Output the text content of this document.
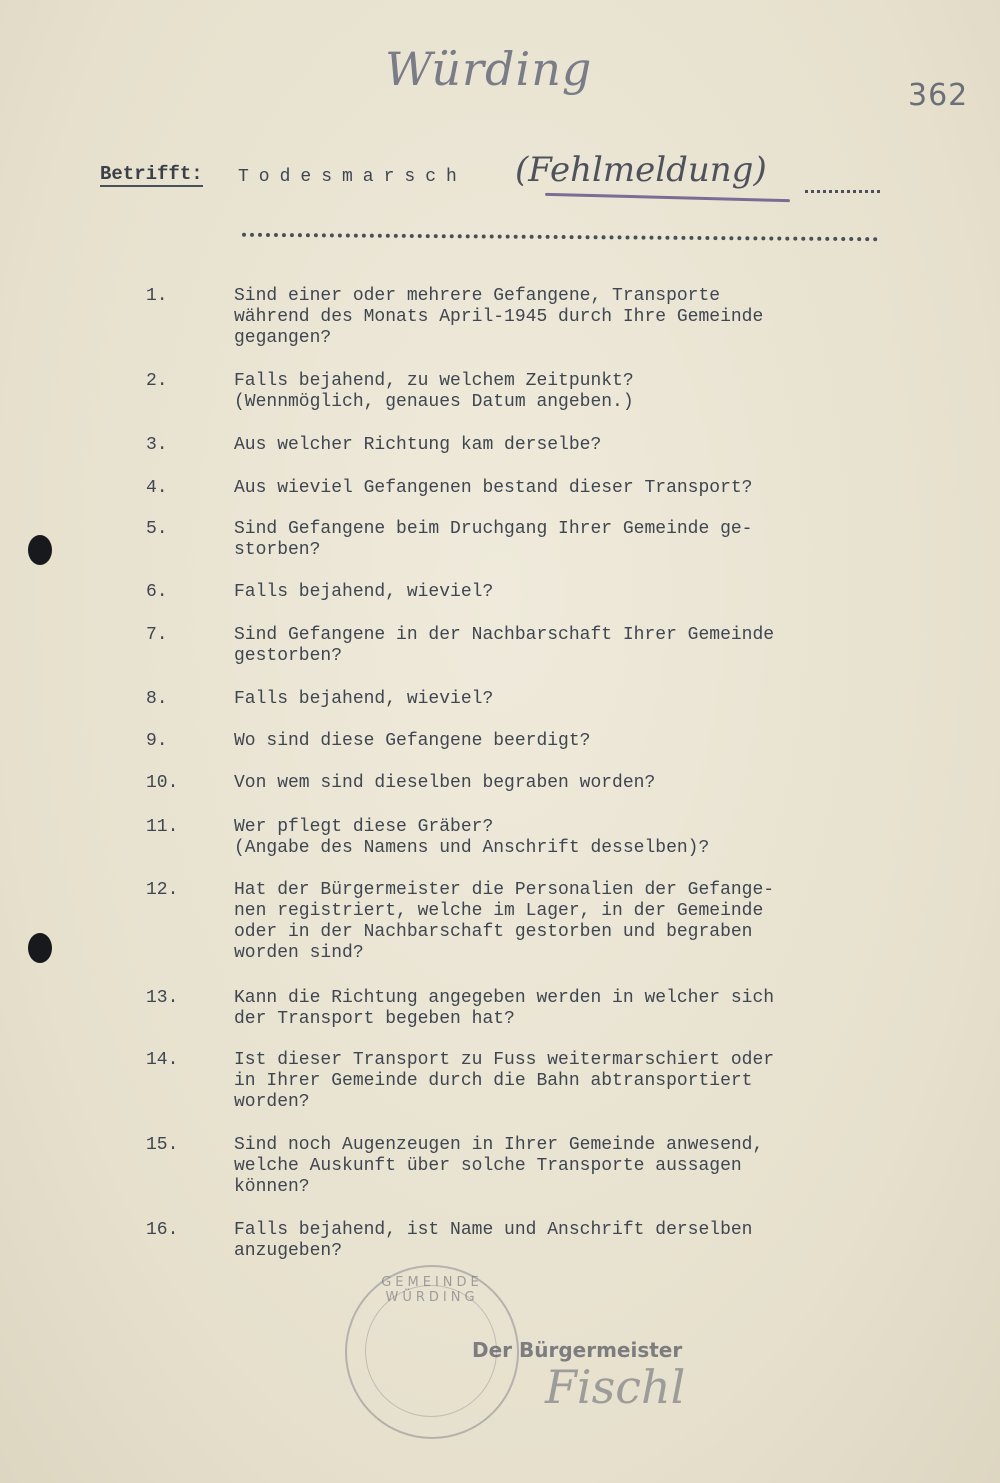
Würding	362
Betrifft: Todesmarsch (Fehlmeldung)
1.	Sind einer oder mehrere Gefangene, Transporte
während des Monats April-1945 durch Ihre Gemeinde
gegangen?
2.	Falls bejahend, zu welchem Zeitpunkt?
(Wennmöglich, genaues Datum angeben.)
3.	Aus welcher Richtung kam derselbe?
4.	Aus wieviel Gefangenen bestand dieser Transport?
5.	Sind Gefangene beim Druchgang Ihrer Gemeinde ge-
storben?
6.	Falls bejahend, wieviel?
7.	Sind Gefangene in der Nachbarschaft Ihrer Gemeinde
gestorben?
8.	Falls bejahend, wieviel?
9.	Wo sind diese Gefangene beerdigt?
10.	Von wem sind dieselben begraben worden?
11.	Wer pflegt diese Gräber?
(Angabe des Namens und Anschrift desselben)?
12.	Hat der Bürgermeister die Personalien der Gefange-
nen registriert, welche im Lager, in der Gemeinde
oder in der Nachbarschaft gestorben und begraben
worden sind?
13.	Kann die Richtung angegeben werden in welcher sich
der Transport begeben hat?
14.	Ist dieser Transport zu Fuss weitermarschiert oder
in Ihrer Gemeinde durch die Bahn abtransportiert
worden?
15.	Sind noch Augenzeugen in Ihrer Gemeinde anwesend,
welche Auskunft über solche Transporte aussagen
können?
16.	Falls bejahend, ist Name und Anschrift derselben
anzugeben?
GEMEINDE WÜRDING
Der Bürgermeister
Fischl
